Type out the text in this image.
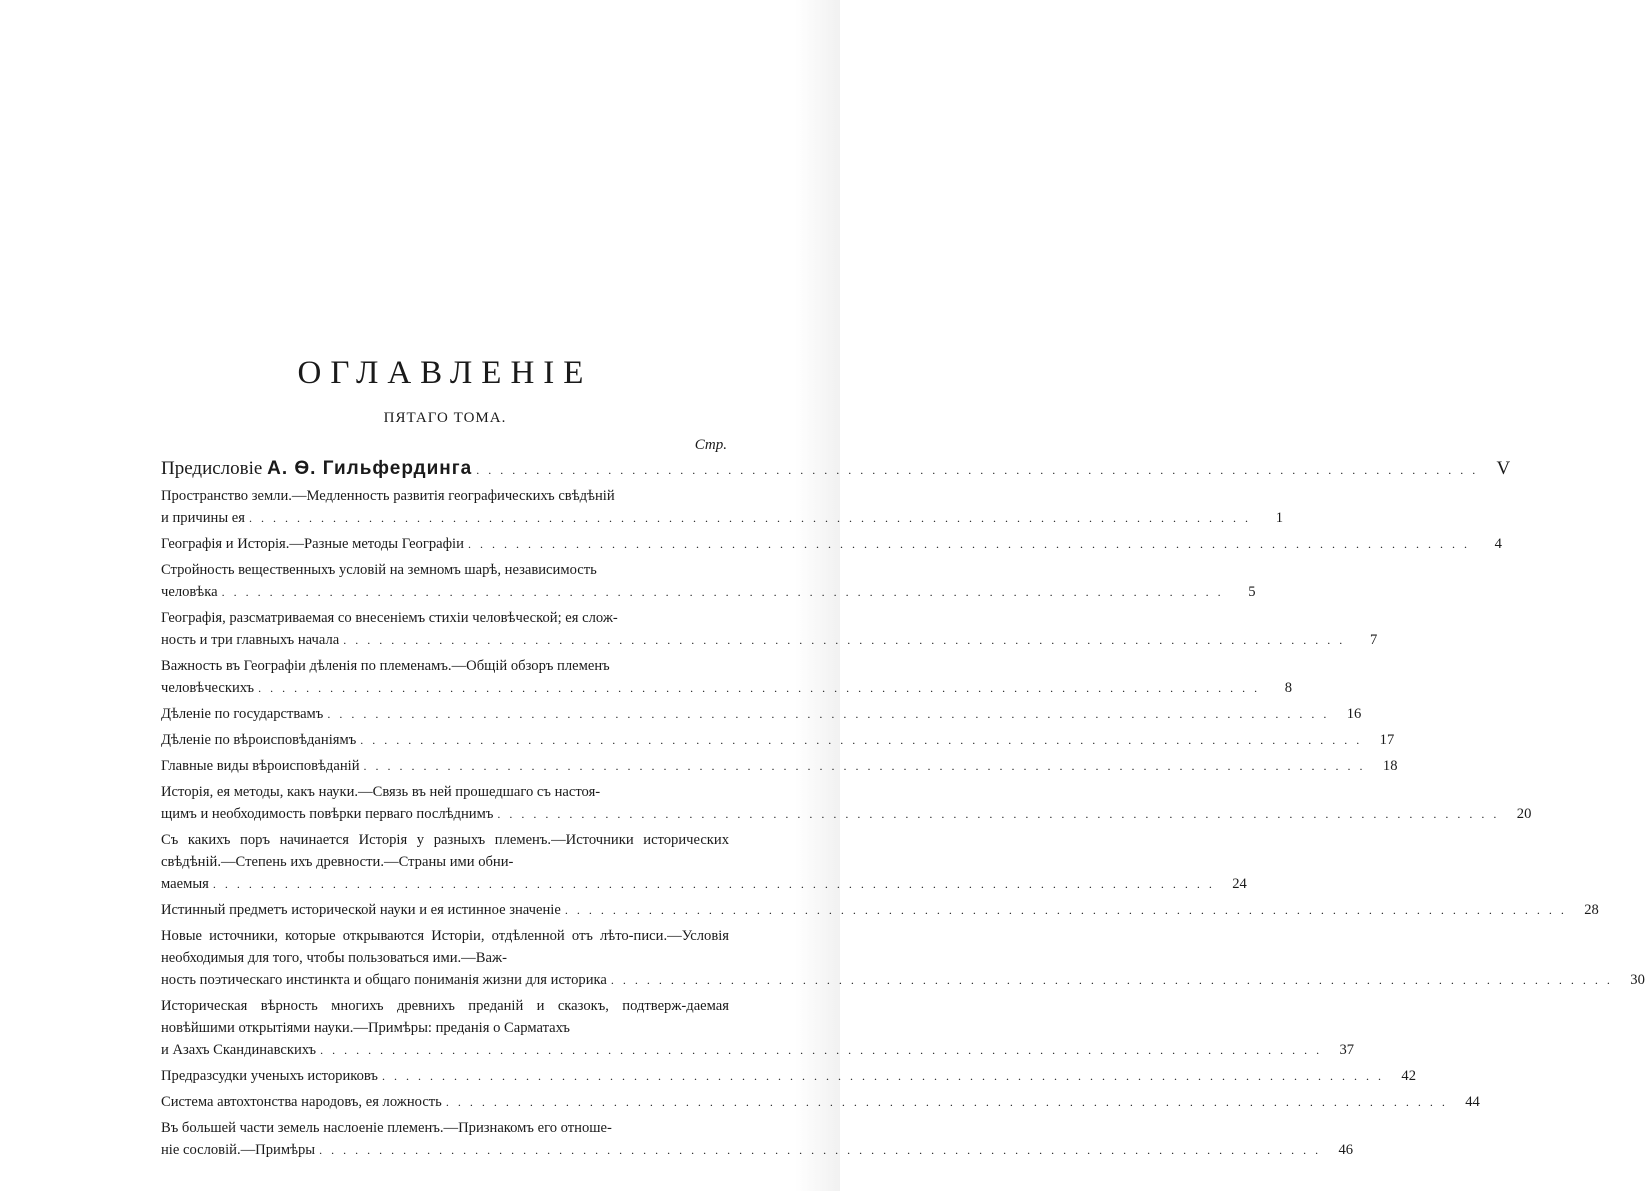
ОГЛАВЛЕНІЕ
ПЯТАГО ТОМА.
Стр.
Предисловіе А. Ѳ. Гильфердинга . . . . . . . . . . . . . . . . . . . . . . . . . . . . . . . . . . . . . . . . . . . . . . . . . . . . . . . . . . . . . . . . . . . . . . . . . . . . . . . . . . . . V
Пространство земли.—Медленность развитія географическихъ свѣдѣній
и причины ея . . . . . . . . . . . . . . . . . . . . . . . . . . . . . . . . . . . . . . . . . . . . . . . . . . . . . . . . . . . . . . . . . . . . . . . . . . . . . . . . . . . .	1
Географія и Исторія.—Разные методы Географіи . . . . . . . . . . . . . . . . . . . . . . . . . . . . . . . . . . . . . . . . . . . . . . . . . . . . . . . . . . . . . . . . . . . . . . . . . . . . . . . . . . . .	4
Стройность вещественныхъ условій на земномъ шарѣ, независимость
человѣка . . . . . . . . . . . . . . . . . . . . . . . . . . . . . . . . . . . . . . . . . . . . . . . . . . . . . . . . . . . . . . . . . . . . . . . . . . . . . . . . . . . .	5
Географія, разсматриваемая со внесеніемъ стихіи человѣческой; ея слож-
ность и три главныхъ начала . . . . . . . . . . . . . . . . . . . . . . . . . . . . . . . . . . . . . . . . . . . . . . . . . . . . . . . . . . . . . . . . . . . . . . . . . . . . . . . . . . . .	7
Важность въ Географіи дѣленія по племенамъ.—Общій обзоръ племенъ
человѣческихъ . . . . . . . . . . . . . . . . . . . . . . . . . . . . . . . . . . . . . . . . . . . . . . . . . . . . . . . . . . . . . . . . . . . . . . . . . . . . . . . . . . . .	8
Дѣленіе по государствамъ . . . . . . . . . . . . . . . . . . . . . . . . . . . . . . . . . . . . . . . . . . . . . . . . . . . . . . . . . . . . . . . . . . . . . . . . . . . . . . . . . . . .	16
Дѣленіе по вѣроисповѣданіямъ . . . . . . . . . . . . . . . . . . . . . . . . . . . . . . . . . . . . . . . . . . . . . . . . . . . . . . . . . . . . . . . . . . . . . . . . . . . . . . . . . . . .	17
Главные виды вѣроисповѣданій . . . . . . . . . . . . . . . . . . . . . . . . . . . . . . . . . . . . . . . . . . . . . . . . . . . . . . . . . . . . . . . . . . . . . . . . . . . . . . . . . . . .	18
Исторія, ея методы, какъ науки.—Связь въ ней прошедшаго съ настоя-
щимъ и необходимость повѣрки перваго послѣднимъ . . . . . . . . . . . . . . . . . . . . . . . . . . . . . . . . . . . . . . . . . . . . . . . . . . . . . . . . . . . . . . . . . . . . . . . . . . . . . . . . . . . .	20
Съ какихъ поръ начинается Исторія у разныхъ племенъ.—Источники исторических свѣдѣній.—Степень ихъ древности.—Страны ими обни-
маемыя . . . . . . . . . . . . . . . . . . . . . . . . . . . . . . . . . . . . . . . . . . . . . . . . . . . . . . . . . . . . . . . . . . . . . . . . . . . . . . . . . . . .	24
Истинный предметъ исторической науки и ея истинное значеніе . . . . . . . . . . . . . . . . . . . . . . . . . . . . . . . . . . . . . . . . . . . . . . . . . . . . . . . . . . . . . . . . . . . . . . . . . . . . . . . . . . . .	28
Новые источники, которые открываются Исторіи, отдѣленной отъ лѣто-писи.—Условія необходимыя для того, чтобы пользоваться ими.—Важ-
ность поэтическаго инстинкта и общаго пониманія жизни для историка . . . . . . . . . . . . . . . . . . . . . . . . . . . . . . . . . . . . . . . . . . . . . . . . . . . . . . . . . . . . . . . . . . . . . . . . . . . . . . . . . . . .	30
Историческая вѣрность многихъ древнихъ преданій и сказокъ, подтверж-даемая новѣйшими открытіями науки.—Примѣры: преданія о Сарматахъ
и Азахъ Скандинавскихъ . . . . . . . . . . . . . . . . . . . . . . . . . . . . . . . . . . . . . . . . . . . . . . . . . . . . . . . . . . . . . . . . . . . . . . . . . . . . . . . . . . . .	37
Предразсудки ученыхъ историковъ . . . . . . . . . . . . . . . . . . . . . . . . . . . . . . . . . . . . . . . . . . . . . . . . . . . . . . . . . . . . . . . . . . . . . . . . . . . . . . . . . . . .	42
Система автохтонства народовъ, ея ложность . . . . . . . . . . . . . . . . . . . . . . . . . . . . . . . . . . . . . . . . . . . . . . . . . . . . . . . . . . . . . . . . . . . . . . . . . . . . . . . . . . . .	44
Въ большей части земель наслоеніе племенъ.—Признакомъ его отноше-
ніе сословій.—Примѣры . . . . . . . . . . . . . . . . . . . . . . . . . . . . . . . . . . . . . . . . . . . . . . . . . . . . . . . . . . . . . . . . . . . . . . . . . . . . . . . . . . . .	46
